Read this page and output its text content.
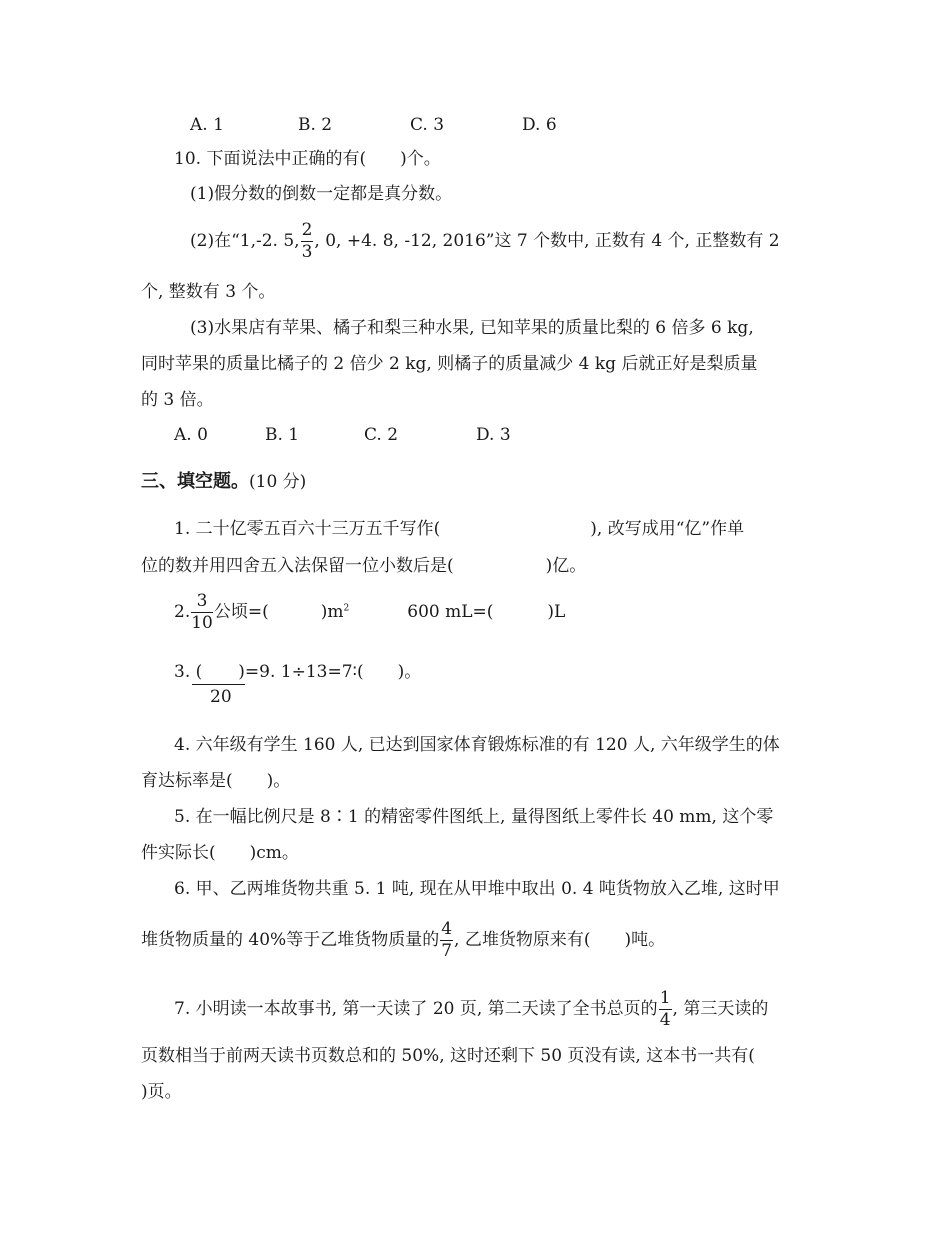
A. 1	B. 2	C. 3	D. 6
10. 下面说法中正确的有(　　)个。
(1)假分数的倒数一定都是真分数。
(2)在“1,-2. 5, $\frac{2}{3}$ , 0, +4. 8, -12, 2016”这 7 个数中, 正数有 4 个, 正整数有 2
个, 整数有 3 个。
(3)水果店有苹果、橘子和梨三种水果, 已知苹果的质量比梨的 6 倍多 6 kg,
同时苹果的质量比橘子的 2 倍少 2 kg, 则橘子的质量减少 4 kg 后就正好是梨质量
的 3 倍。
A. 0	B. 1	C. 2	D. 3
三、填空题。(10 分)
1. 二十亿零五百六十三万五千写作(	), 改写成用“亿”作单
位的数并用四舍五入法保留一位小数后是(	)亿。
2. $\frac{3}{10}$ 公顷=(	)$m^2$	600 mL=(	)L
3. ( )
20
=9. 1÷13=7∶(　　)。
4. 六年级有学生 160 人, 已达到国家体育锻炼标准的有 120 人, 六年级学生的体
育达标率是(　　)。
5. 在一幅比例尺是 8∶1 的精密零件图纸上, 量得图纸上零件长 40 mm, 这个零
件实际长(　　)cm。
6. 甲、乙两堆货物共重 5. 1 吨, 现在从甲堆中取出 0. 4 吨货物放入乙堆, 这时甲
堆货物质量的 40%等于乙堆货物质量的 $\frac{4}{7}$ , 乙堆货物原来有(　　)吨。
7. 小明读一本故事书, 第一天读了 20 页, 第二天读了全书总页的 $\frac{1}{4}$ , 第三天读的
页数相当于前两天读书页数总和的 50%, 这时还剩下 50 页没有读, 这本书一共有(
)页。
